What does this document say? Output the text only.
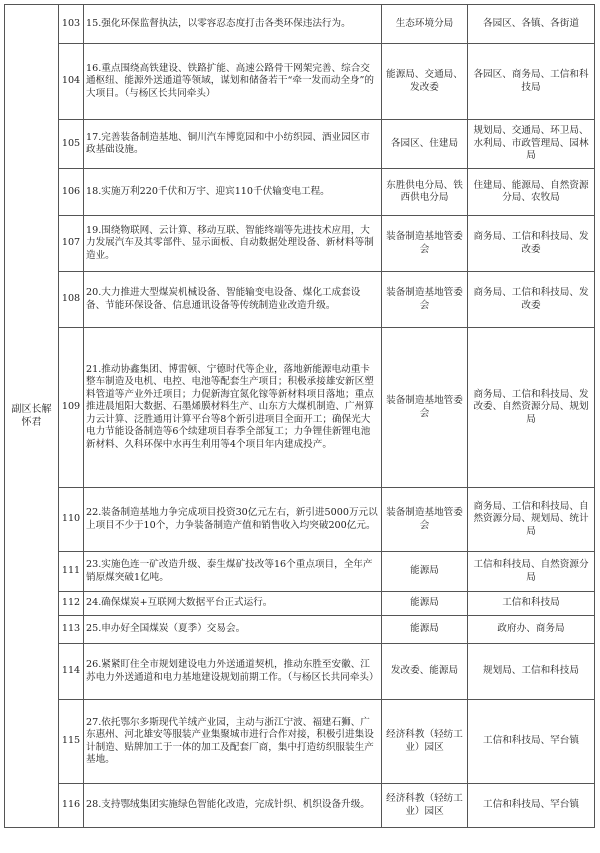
副区长解怀君	103	15.强化环保监督执法，以零容忍态度打击各类环保违法行为。	生态环境分局	各园区、各镇、各街道
	104	16.重点围绕高铁建设、铁路扩能、高速公路骨干网架完善、综合交通枢纽、能源外送通道等领域，谋划和储备若干“牵一发而动全身”的大项目。（与杨区长共同牵头）	能源局、交通局、发改委	各园区、商务局、工信和科技局
	105	17.完善装备制造基地、铜川汽车博览园和中小纺织园、酒业园区市政基础设施。	各园区、住建局	规划局、交通局、环卫局、水利局、市政管理局、园林局
	106	18.实施万利220千伏和万宇、迎宾110千伏输变电工程。	东胜供电分局、铁西供电分局	住建局、能源局、自然资源分局、农牧局
	107	19.围绕物联网、云计算、移动互联、智能终端等先进技术应用，大力发展汽车及其零部件、显示面板、自动数据处理设备、新材料等制造业。	装备制造基地管委会	商务局、工信和科技局、发改委
	108	20.大力推进大型煤炭机械设备、智能输变电设备、煤化工成套设备、节能环保设备、信息通讯设备等传统制造业改造升级。	装备制造基地管委会	商务局、工信和科技局、发改委
	109	21.推动协鑫集团、博雷顿、宁德时代等企业，落地新能源电动重卡整车制造及电机、电控、电池等配套生产项目；积极承接雄安新区塑料管道等产业外迁项目；力促新海宜氮化镓等新材料项目落地；重点推进晨旭阳大数据、石墨烯膜材料生产、山东方大煤机制造、广州算力云计算、泛胜通用计算平台等8个新引进项目全面开工；确保光大电力节能设备制造等6个续建项目春季全部复工；力争锂佳新锂电池新材料、久科环保中水再生利用等4个项目年内建成投产。	装备制造基地管委会	商务局、工信和科技局、发改委、自然资源分局、规划局
	110	22.装备制造基地力争完成项目投资30亿元左右，新引进5000万元以上项目不少于10个，力争装备制造产值和销售收入均突破200亿元。	装备制造基地管委会	商务局、工信和科技局、自然资源分局、规划局、统计局
	111	23.实施色连一矿改造升级、泰生煤矿技改等16个重点项目，全年产销原煤突破1亿吨。	能源局	工信和科技局、自然资源分局
	112	24.确保煤炭+互联网大数据平台正式运行。	能源局	工信和科技局
	113	25.申办好全国煤炭（夏季）交易会。	能源局	政府办、商务局
	114	26.紧紧盯住全市规划建设电力外送通道契机，推动东胜至安徽、江苏电力外送通道和电力基地建设规划前期工作。（与杨区长共同牵头）	发改委、能源局	规划局、工信和科技局
	115	27.依托鄂尔多斯现代羊绒产业园，主动与浙江宁波、福建石狮、广东惠州、河北雄安等服装产业集聚城市进行合作对接，积极引进集设计制造、贴牌加工于一体的加工及配套厂商，集中打造纺织服装生产基地。	经济科教（轻纺工业）园区	工信和科技局、罕台镇
	116	28.支持鄂绒集团实施绿色智能化改造，完成针织、机织设备升级。	经济科教（轻纺工业）园区	工信和科技局、罕台镇
